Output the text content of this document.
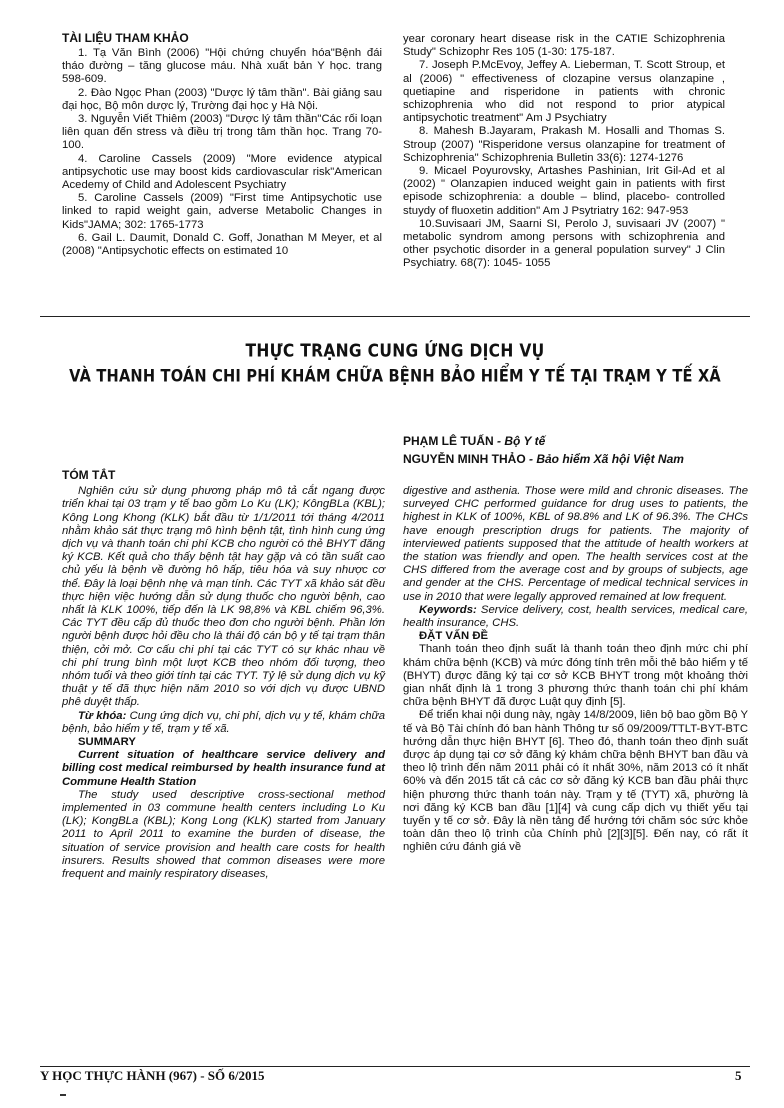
TÀI LIỆU THAM KHẢO

1. Tạ Văn Bình (2006) "Hội chứng chuyển hóa"Bệnh đái tháo đường – tăng glucose máu. Nhà xuất bản Y học. trang 598-609.

2. Đào Ngọc Phan (2003) "Dược lý tâm thần". Bài giảng sau đại học, Bộ môn dược lý, Trường đại học y Hà Nội.

3. Nguyễn Viết Thiêm (2003) "Dược lý tâm thần"Các rối loạn liên quan đến stress và điều trị trong tâm thần học. Trang 70-100.

4. Caroline Cassels (2009) "More evidence atypical antipsychotic use may boost kids cardiovascular risk"American Acedemy of Child and Adolescent Psychiatry

5. Caroline Cassels (2009) "First time Antipsychotic use linked to rapid weight gain, adverse Metabolic Changes in Kids"JAMA; 302: 1765-1773

6. Gail L. Daumit, Donald C. Goff, Jonathan M Meyer, et al (2008) "Antipsychotic effects on estimated 10

year coronary heart disease risk in the CATIE Schizophrenia Study" Schizophr Res 105 (1-30: 175-187.

7. Joseph P.McEvoy, Jeffey A. Lieberman, T. Scott Stroup, et al (2006) " effectiveness of clozapine versus olanzapine , quetiapine and risperidone in patients with chronic schizophrenia who did not respond to prior atypical antipsychotic treatment" Am J Psychiatry

8. Mahesh B.Jayaram, Prakash M. Hosalli and Thomas S. Stroup (2007) "Risperidone versus olanzapine for treatment of Schizophrenia" Schizophrenia Bulletin 33(6): 1274-1276

9. Micael Poyurovsky, Artashes Pashinian, Irit Gil-Ad et al (2002) " Olanzapien induced weight gain in patients with first episode schizophrenia: a double – blind, placebo- controlled stuydy of fluoxetin addition" Am J Psytriatry 162: 947-953

10.Suvisaari JM, Saarni SI, Perolo J, suvisaari JV (2007) " metabolic syndrom among persons with schizophrenia and other psychotic disorder in a general population survey" J Clin Psychiatry. 68(7): 1045- 1055

THỰC TRẠNG CUNG ỨNG DỊCH VỤ
VÀ THANH TOÁN CHI PHÍ KHÁM CHỮA BỆNH BẢO HIỂM Y TẾ TẠI TRẠM Y TẾ XÃ
PHẠM LÊ TUẤN - Bộ Y tế
NGUYỄN MINH THẢO - Bảo hiểm Xã hội Việt Nam

TÓM TẮT

Nghiên cứu sử dụng phương pháp mô tả cắt ngang được triển khai tại 03 trạm y tế bao gồm Lo Ku (LK); KôngBLa (KBL); Kông Long Khong (KLK) bắt đầu từ 1/1/2011 tới tháng 4/2011 nhằm khảo sát thực trạng mô hình bệnh tật, tình hình cung ứng dịch vụ và thanh toán chi phí KCB cho người có thẻ BHYT đăng ký KCB. Kết quả cho thấy bệnh tật hay gặp và có tần suất cao chủ yếu là bệnh về đường hô hấp, tiêu hóa và suy nhược cơ thể. Đây là loại bệnh nhẹ và mạn tính. Các TYT xã khảo sát đều thực hiện việc hướng dẫn sử dụng thuốc cho người bệnh, cao nhất là KLK 100%, tiếp đến là LK 98,8% và KBL chiếm 96,3%. Các TYT đều cấp đủ thuốc theo đơn cho người bệnh. Phần lớn người bệnh được hỏi đều cho là thái độ cán bộ y tế tại trạm thân thiện, cởi mở. Cơ cấu chi phí tại các TYT có sự khác nhau về chi phí trung bình một lượt KCB theo nhóm đối tượng, theo nhóm tuổi và theo giới tính tại các TYT. Tỷ lệ sử dụng dịch vụ kỹ thuật y tế đã thực hiện năm 2010 so với dịch vụ được UBND phê duyệt thấp.

Từ khóa: Cung ứng dịch vụ, chi phí, dịch vụ y tế, khám chữa bệnh, bảo hiểm y tế, trạm y tế xã.

SUMMARY

Current situation of healthcare service delivery and billing cost medical reimbursed by health insurance fund at Commune Health Station

The study used descriptive cross-sectional method implemented in 03 commune health centers including Lo Ku (LK); KongBLa (KBL); Kong Long (KLK) started from January 2011 to April 2011 to examine the burden of disease, the situation of service provision and health care costs for health insurers. Results showed that common diseases were more frequent and mainly respiratory diseases,

digestive and asthenia. Those were mild and chronic diseases. The surveyed CHC performed guidance for drug uses to patients, the highest in KLK of 100%, KBL of 98.8% and LK of 96.3%. The CHCs have enough prescription drugs for patients. The majority of interviewed patients supposed that the attitude of health workers at the station was friendly and open. The health services cost at the CHS differed from the average cost and by groups of subjects, age and gender at the CHS. Percentage of medical technical services in use in 2010 that were legally approved remained at low frequent.

Keywords: Service delivery, cost, health services, medical care, health insurance, CHS.

ĐẶT VẤN ĐỀ

Thanh toán theo định suất là thanh toán theo định mức chi phí khám chữa bệnh (KCB) và mức đóng tính trên mỗi thẻ bảo hiểm y tế (BHYT) được đăng ký tại cơ sở KCB BHYT trong một khoảng thời gian nhất định là 1 trong 3 phương thức thanh toán chi phí khám chữa bệnh BHYT đã được Luật quy định [5].

Để triển khai nội dung này, ngày 14/8/2009, liên bộ bao gồm Bộ Y tế và Bộ Tài chính đó ban hành Thông tư số 09/2009/TTLT-BYT-BTC hướng dẫn thực hiện BHYT [6]. Theo đó, thanh toán theo định suất được áp dụng tại cơ sở đăng ký khám chữa bệnh BHYT ban đầu và theo lộ trình đến năm 2011 phải có ít nhất 30%, năm 2013 có ít nhất 60% và đến 2015 tất cả các cơ sở đăng ký KCB ban đầu phải thực hiện phương thức thanh toán này. Trạm y tế (TYT) xã, phường là nơi đăng ký KCB ban đầu [1][4] và cung cấp dịch vụ thiết yếu tại tuyến y tế cơ sở. Đây là nền tảng để hướng tới chăm sóc sức khỏe toàn dân theo lộ trình của Chính phủ [2][3][5]. Đến nay, có rất ít nghiên cứu đánh giá về

Y HỌC THỰC HÀNH (967) - SỐ 6/2015	5
